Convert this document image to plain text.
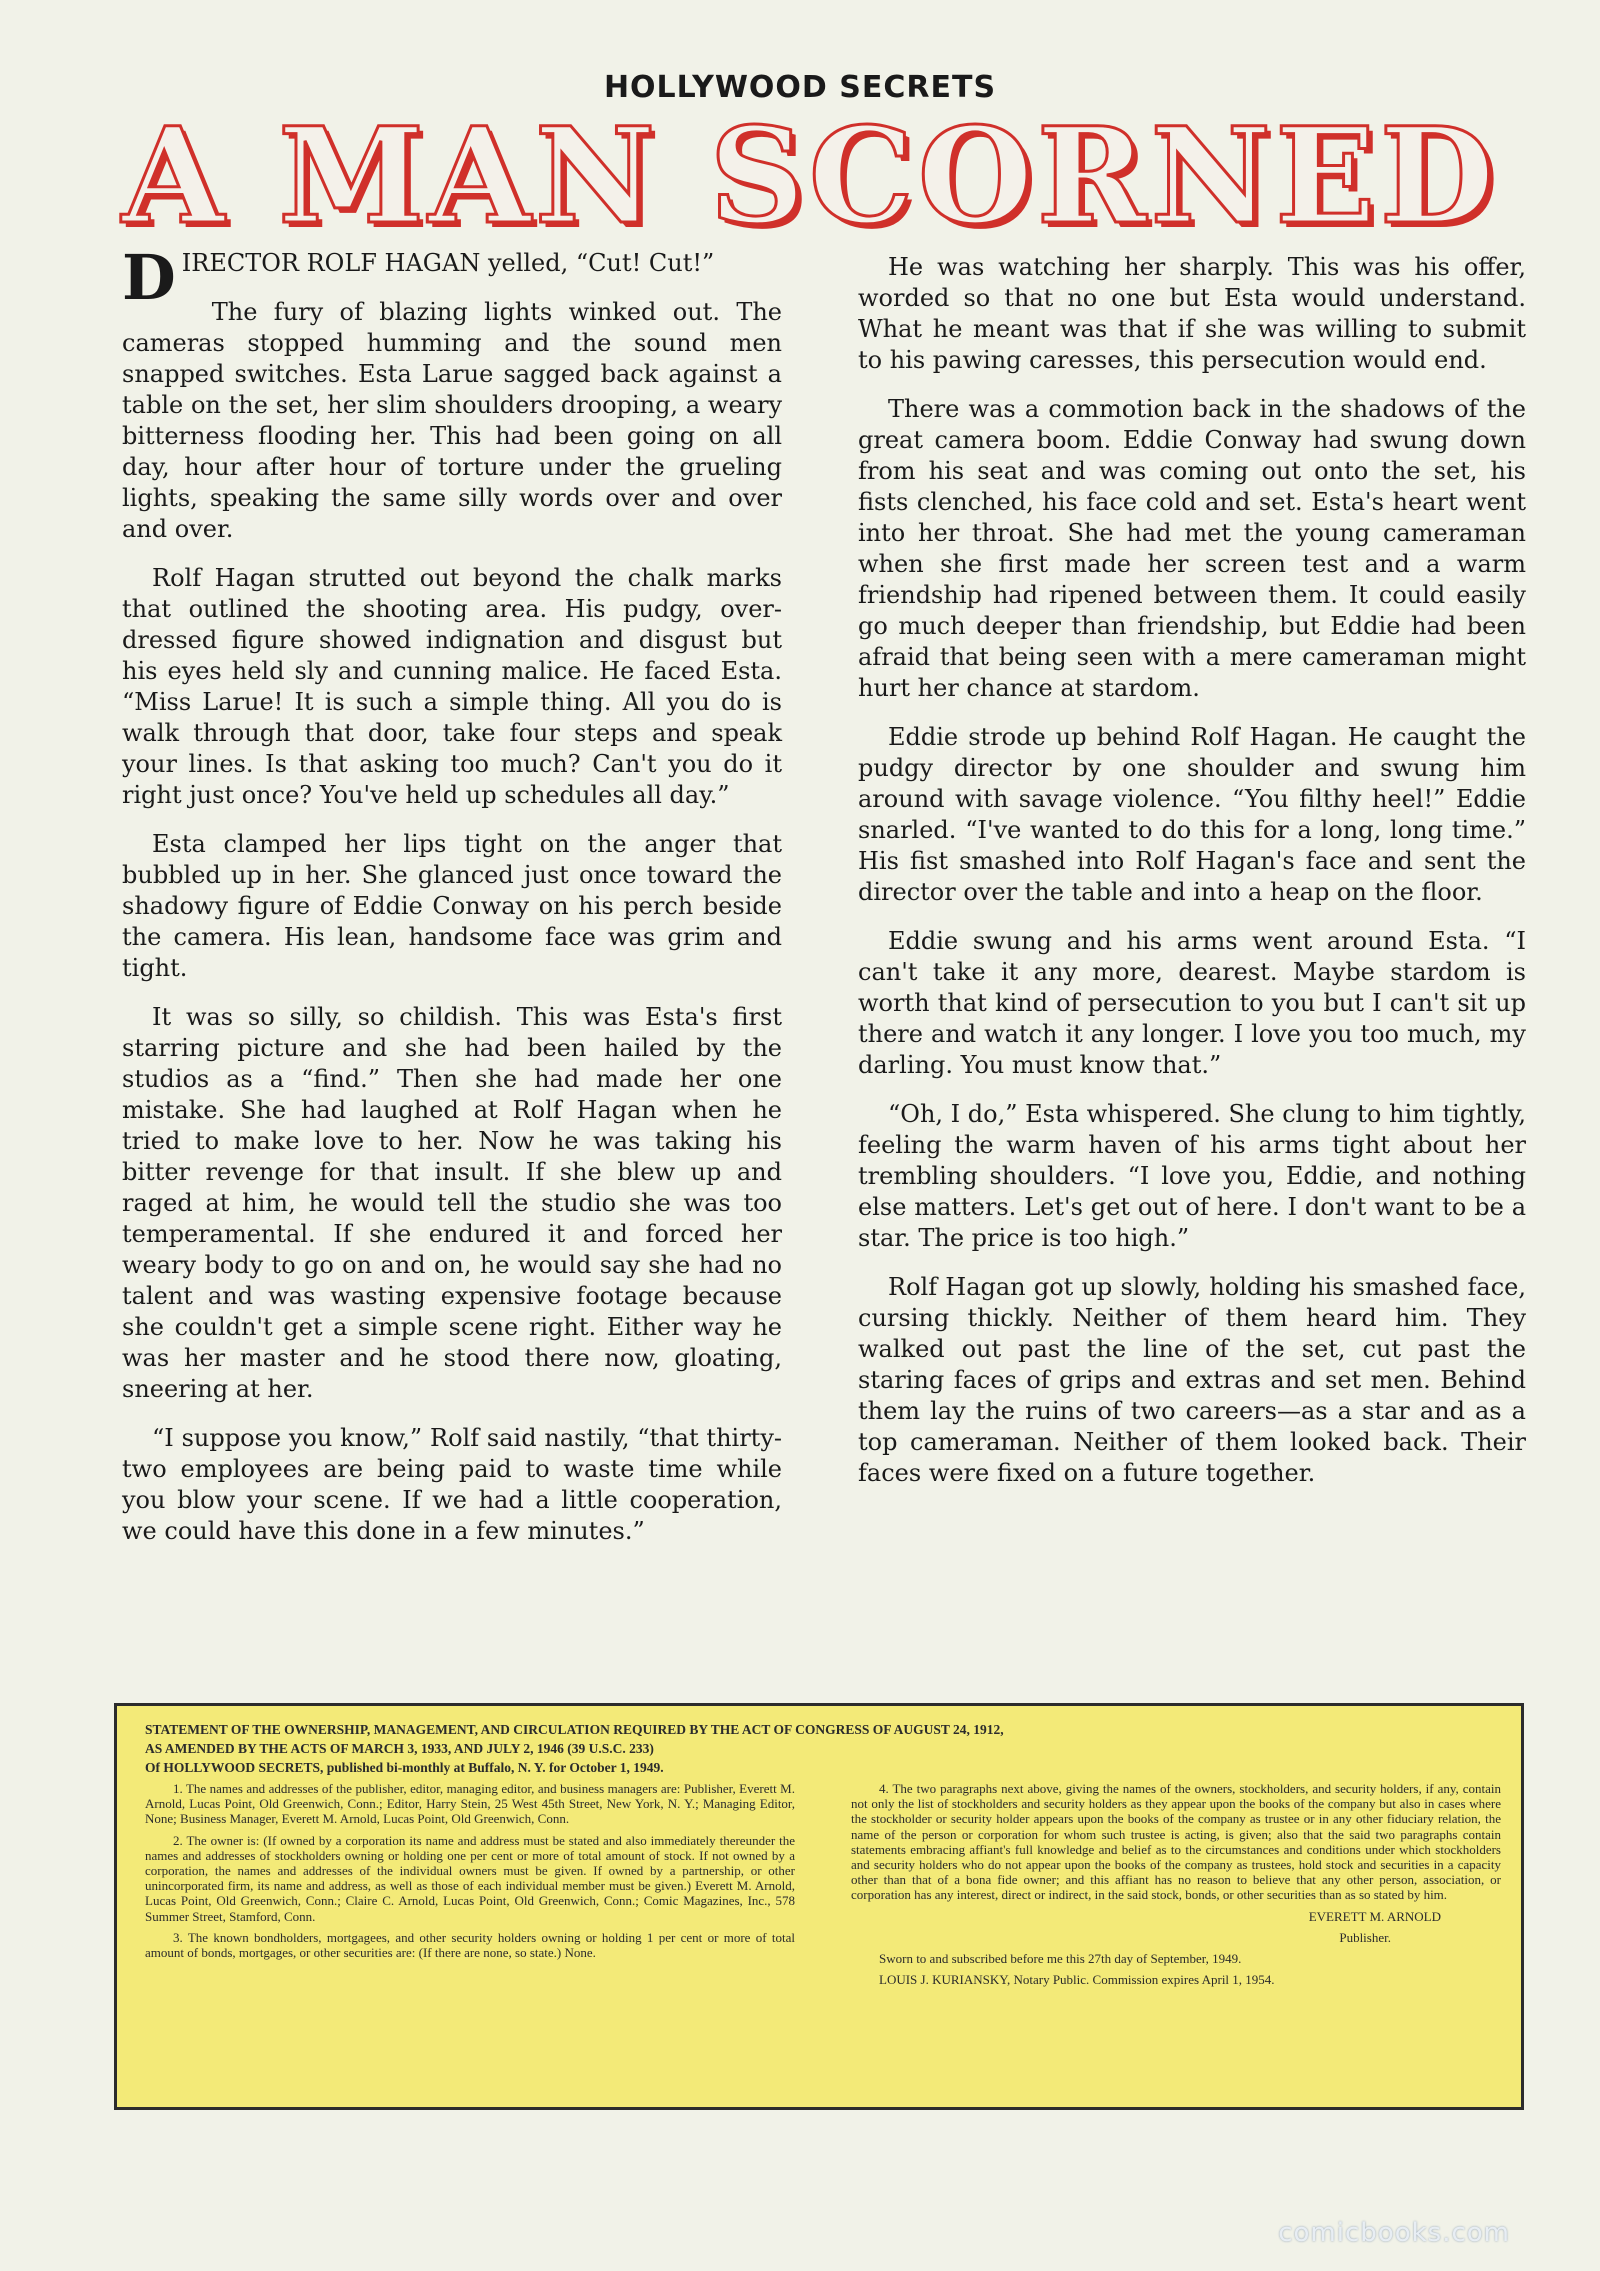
HOLLYWOOD SECRETS
A MAN SCORNED

DIRECTOR ROLF HAGAN yelled, “Cut! Cut!”

The fury of blazing lights winked out. The cameras stopped humming and the sound men snapped switches. Esta Larue sagged back against a table on the set, her slim shoulders drooping, a weary bitterness flooding her. This had been going on all day, hour after hour of torture under the grueling lights, speaking the same silly words over and over and over.

Rolf Hagan strutted out beyond the chalk marks that outlined the shooting area. His pudgy, over-dressed figure showed indignation and disgust but his eyes held sly and cunning malice. He faced Esta. “Miss Larue! It is such a simple thing. All you do is walk through that door, take four steps and speak your lines. Is that asking too much? Can't you do it right just once? You've held up schedules all day.”

Esta clamped her lips tight on the anger that bubbled up in her. She glanced just once toward the shadowy figure of Eddie Conway on his perch beside the camera. His lean, handsome face was grim and tight.

It was so silly, so childish. This was Esta's first starring picture and she had been hailed by the studios as a “find.” Then she had made her one mistake. She had laughed at Rolf Hagan when he tried to make love to her. Now he was taking his bitter revenge for that insult. If she blew up and raged at him, he would tell the studio she was too temperamental. If she endured it and forced her weary body to go on and on, he would say she had no talent and was wasting expensive footage because she couldn't get a simple scene right. Either way he was her master and he stood there now, gloating, sneering at her.

“I suppose you know,” Rolf said nastily, “that thirty-two employees are being paid to waste time while you blow your scene. If we had a little cooperation, we could have this done in a few minutes.”

He was watching her sharply. This was his offer, worded so that no one but Esta would understand. What he meant was that if she was willing to submit to his pawing caresses, this persecution would end.

There was a commotion back in the shadows of the great camera boom. Eddie Conway had swung down from his seat and was coming out onto the set, his fists clenched, his face cold and set. Esta's heart went into her throat. She had met the young cameraman when she first made her screen test and a warm friendship had ripened between them. It could easily go much deeper than friendship, but Eddie had been afraid that being seen with a mere cameraman might hurt her chance at stardom.

Eddie strode up behind Rolf Hagan. He caught the pudgy director by one shoulder and swung him around with savage violence. “You filthy heel!” Eddie snarled. “I've wanted to do this for a long, long time.” His fist smashed into Rolf Hagan's face and sent the director over the table and into a heap on the floor.

Eddie swung and his arms went around Esta. “I can't take it any more, dearest. Maybe stardom is worth that kind of persecution to you but I can't sit up there and watch it any longer. I love you too much, my darling. You must know that.”

“Oh, I do,” Esta whispered. She clung to him tightly, feeling the warm haven of his arms tight about her trembling shoulders. “I love you, Eddie, and nothing else matters. Let's get out of here. I don't want to be a star. The price is too high.”

Rolf Hagan got up slowly, holding his smashed face, cursing thickly. Neither of them heard him. They walked out past the line of the set, cut past the staring faces of grips and extras and set men. Behind them lay the ruins of two careers—as a star and as a top cameraman. Neither of them looked back. Their faces were fixed on a future together.

STATEMENT OF THE OWNERSHIP, MANAGEMENT, AND CIRCULATION REQUIRED BY THE ACT OF CONGRESS OF AUGUST 24, 1912,
AS AMENDED BY THE ACTS OF MARCH 3, 1933, AND JULY 2, 1946 (39 U.S.C. 233)
Of HOLLYWOOD SECRETS, published bi-monthly at Buffalo, N. Y. for October 1, 1949.

1. The names and addresses of the publisher, editor, managing editor, and business managers are: Publisher, Everett M. Arnold, Lucas Point, Old Greenwich, Conn.; Editor, Harry Stein, 25 West 45th Street, New York, N. Y.; Managing Editor, None; Business Manager, Everett M. Arnold, Lucas Point, Old Greenwich, Conn.

2. The owner is: (If owned by a corporation its name and address must be stated and also immediately thereunder the names and addresses of stockholders owning or holding one per cent or more of total amount of stock. If not owned by a corporation, the names and addresses of the individual owners must be given. If owned by a partnership, or other unincorporated firm, its name and address, as well as those of each individual member must be given.) Everett M. Arnold, Lucas Point, Old Greenwich, Conn.; Claire C. Arnold, Lucas Point, Old Greenwich, Conn.; Comic Magazines, Inc., 578 Summer Street, Stamford, Conn.

3. The known bondholders, mortgagees, and other security holders owning or holding 1 per cent or more of total amount of bonds, mortgages, or other securities are: (If there are none, so state.) None.

4. The two paragraphs next above, giving the names of the owners, stockholders, and security holders, if any, contain not only the list of stockholders and security holders as they appear upon the books of the company but also in cases where the stockholder or security holder appears upon the books of the company as trustee or in any other fiduciary relation, the name of the person or corporation for whom such trustee is acting, is given; also that the said two paragraphs contain statements embracing affiant's full knowledge and belief as to the circumstances and conditions under which stockholders and security holders who do not appear upon the books of the company as trustees, hold stock and securities in a capacity other than that of a bona fide owner; and this affiant has no reason to believe that any other person, association, or corporation has any interest, direct or indirect, in the said stock, bonds, or other securities than as so stated by him.

EVERETT M. ARNOLD

Publisher.

Sworn to and subscribed before me this 27th day of September, 1949.

LOUIS J. KURIANSKY, Notary Public. Commission expires April 1, 1954.

comicbooks.com
